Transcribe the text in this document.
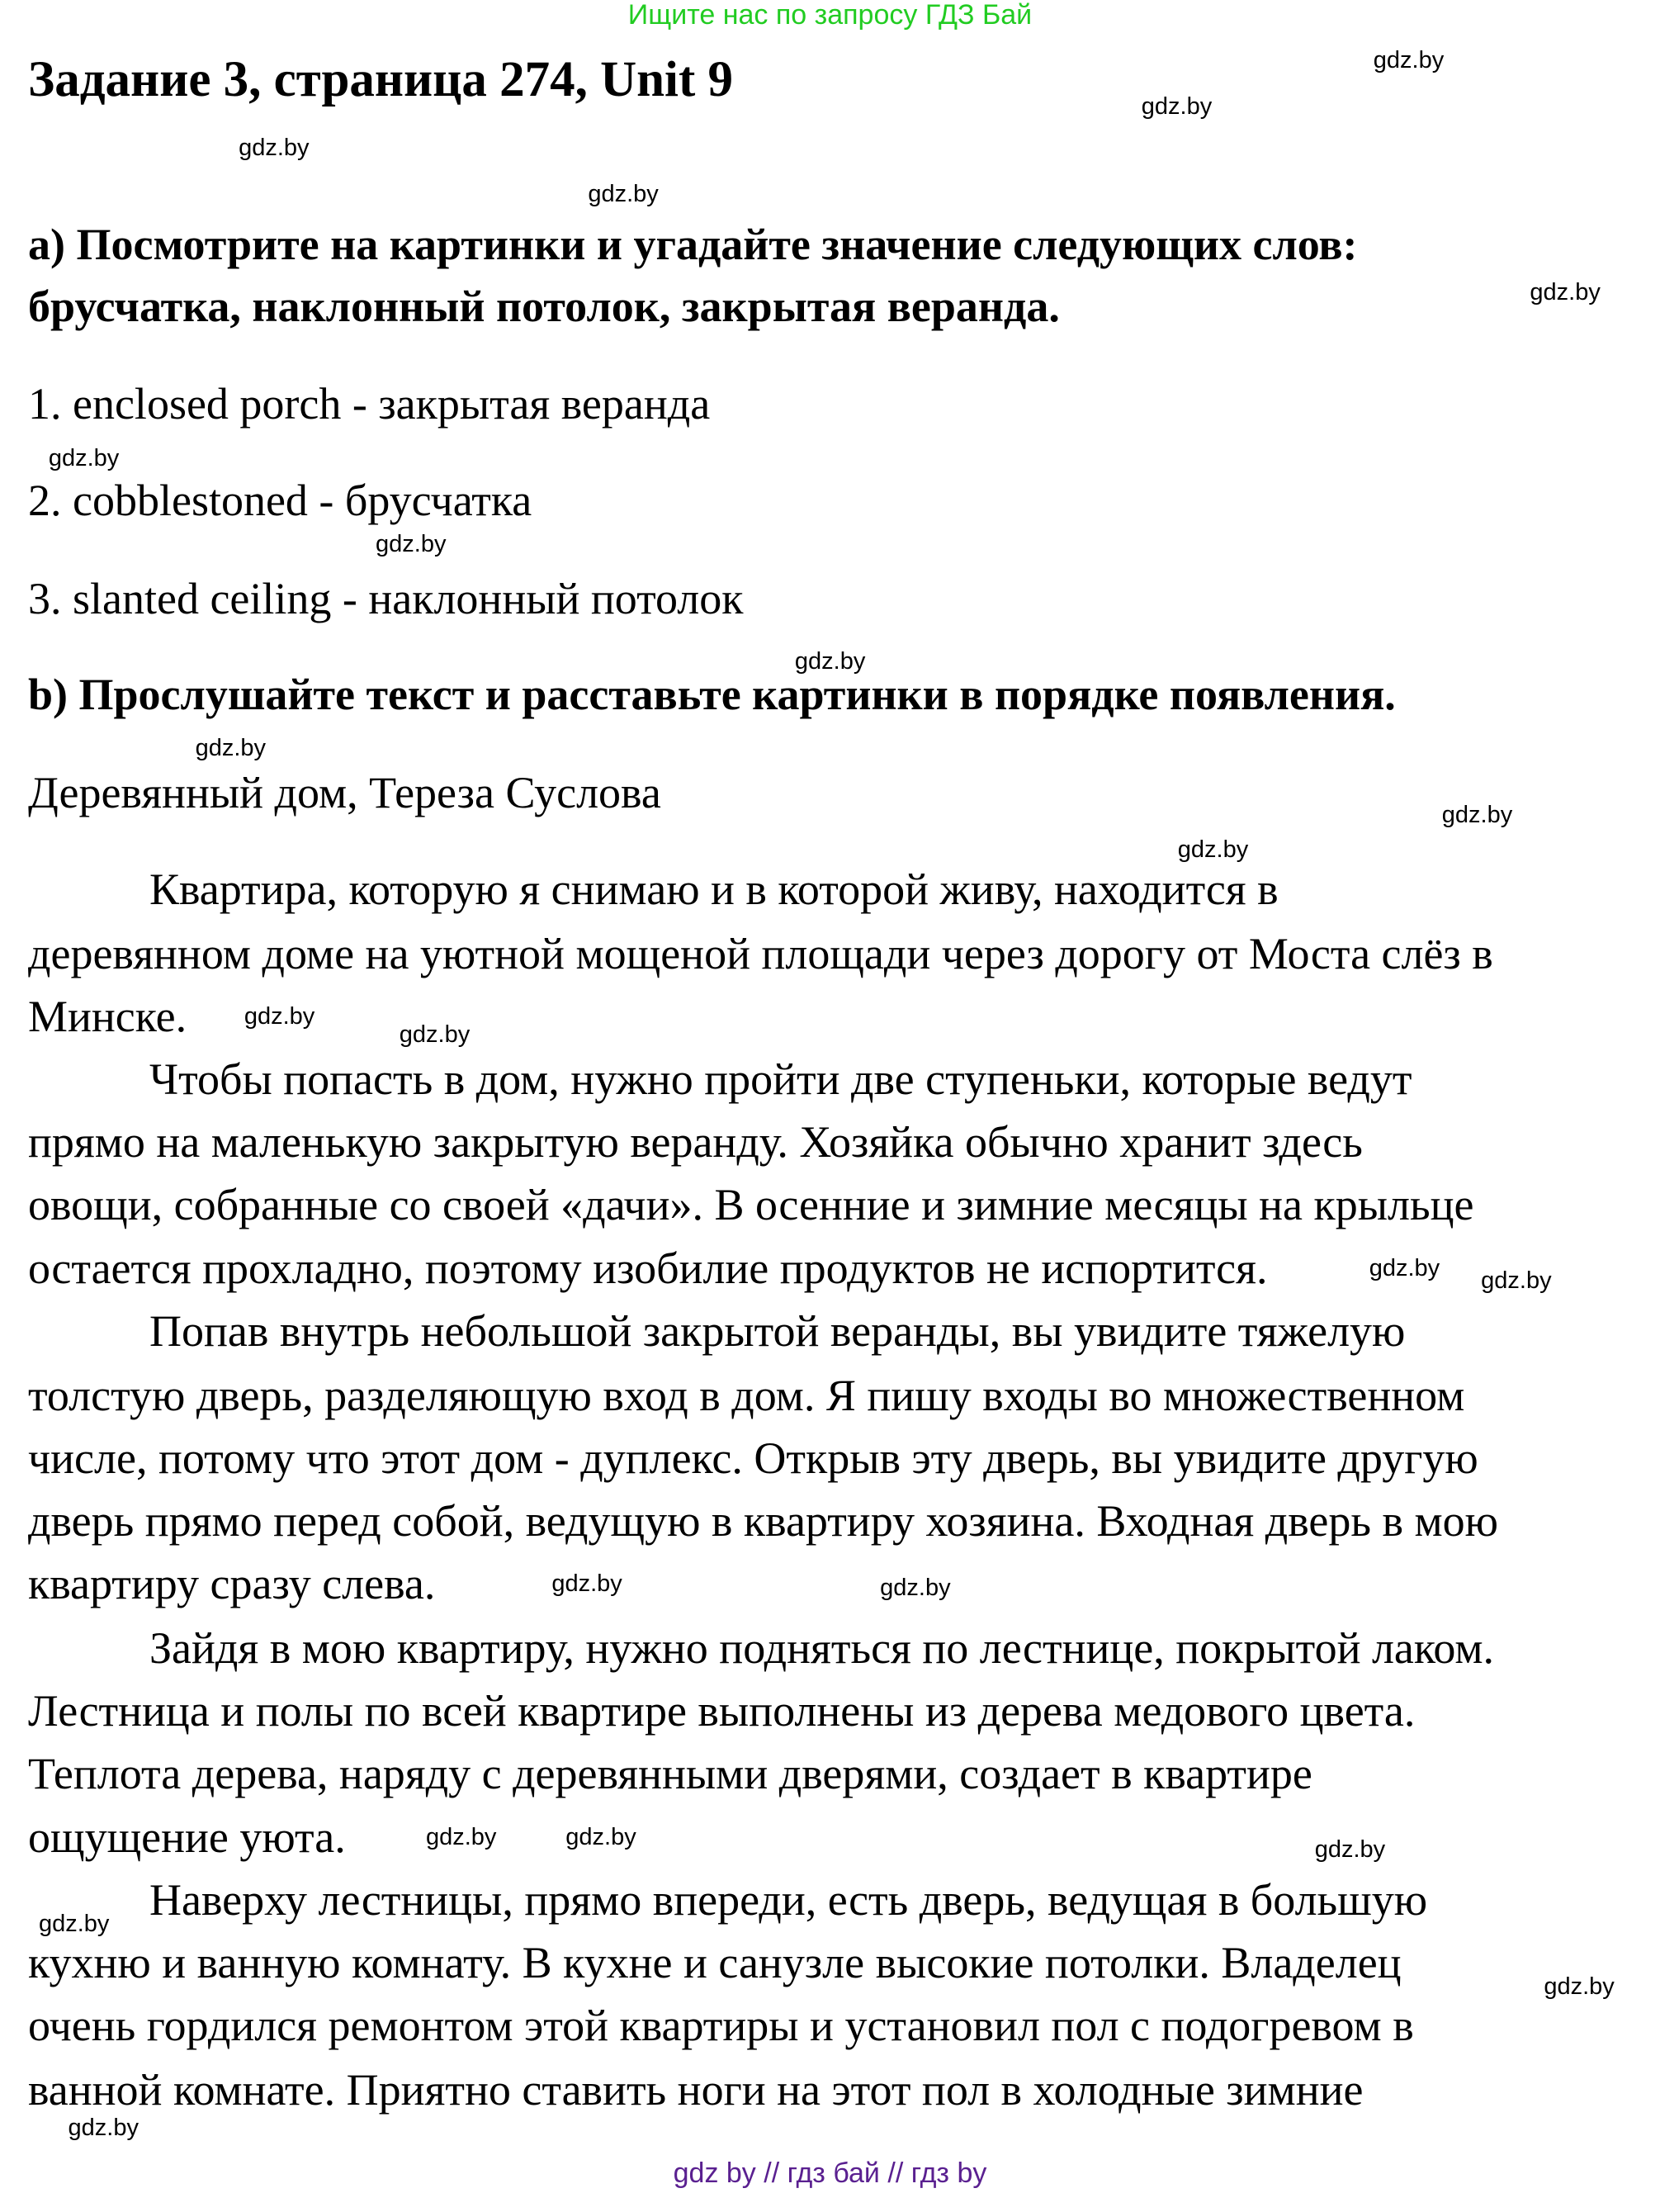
Ищите нас по запросу ГДЗ Бай
Задание 3, страница 274, Unit 9
а) Посмотрите на картинки и угадайте значение следующих слов:
брусчатка, наклонный потолок, закрытая веранда.
1. enclosed porch - закрытая веранда
2. cobblestoned - брусчатка
3. slanted ceiling - наклонный потолок
b) Прослушайте текст и расставьте картинки в порядке появления.
Деревянный дом, Тереза Суслова
Квартира, которую я снимаю и в которой живу, находится в
деревянном доме на уютной мощеной площади через дорогу от Моста слёз в
Минске.
Чтобы попасть в дом, нужно пройти две ступеньки, которые ведут
прямо на маленькую закрытую веранду. Хозяйка обычно хранит здесь
овощи, собранные со своей «дачи». В осенние и зимние месяцы на крыльце
остается прохладно, поэтому изобилие продуктов не испортится.
Попав внутрь небольшой закрытой веранды, вы увидите тяжелую
толстую дверь, разделяющую вход в дом. Я пишу входы во множественном
числе, потому что этот дом - дуплекс. Открыв эту дверь, вы увидите другую
дверь прямо перед собой, ведущую в квартиру хозяина. Входная дверь в мою
квартиру сразу слева.
Зайдя в мою квартиру, нужно подняться по лестнице, покрытой лаком.
Лестница и полы по всей квартире выполнены из дерева медового цвета.
Теплота дерева, наряду с деревянными дверями, создает в квартире
ощущение уюта.
Наверху лестницы, прямо впереди, есть дверь, ведущая в большую
кухню и ванную комнату. В кухне и санузле высокие потолки. Владелец
очень гордился ремонтом этой квартиры и установил пол с подогревом в
ванной комнате. Приятно ставить ноги на этот пол в холодные зимние
gdz.by
gdz.by
gdz.by
gdz.by
gdz.by
gdz.by
gdz.by
gdz.by
gdz.by
gdz.by
gdz.by
gdz.by
gdz.by
gdz.by gdz.by
gdz.by	gdz.by
gdz.by	gdz.by	gdz.by
gdz.by
gdz.by
gdz.by
gdz by // гдз бай // гдз by
